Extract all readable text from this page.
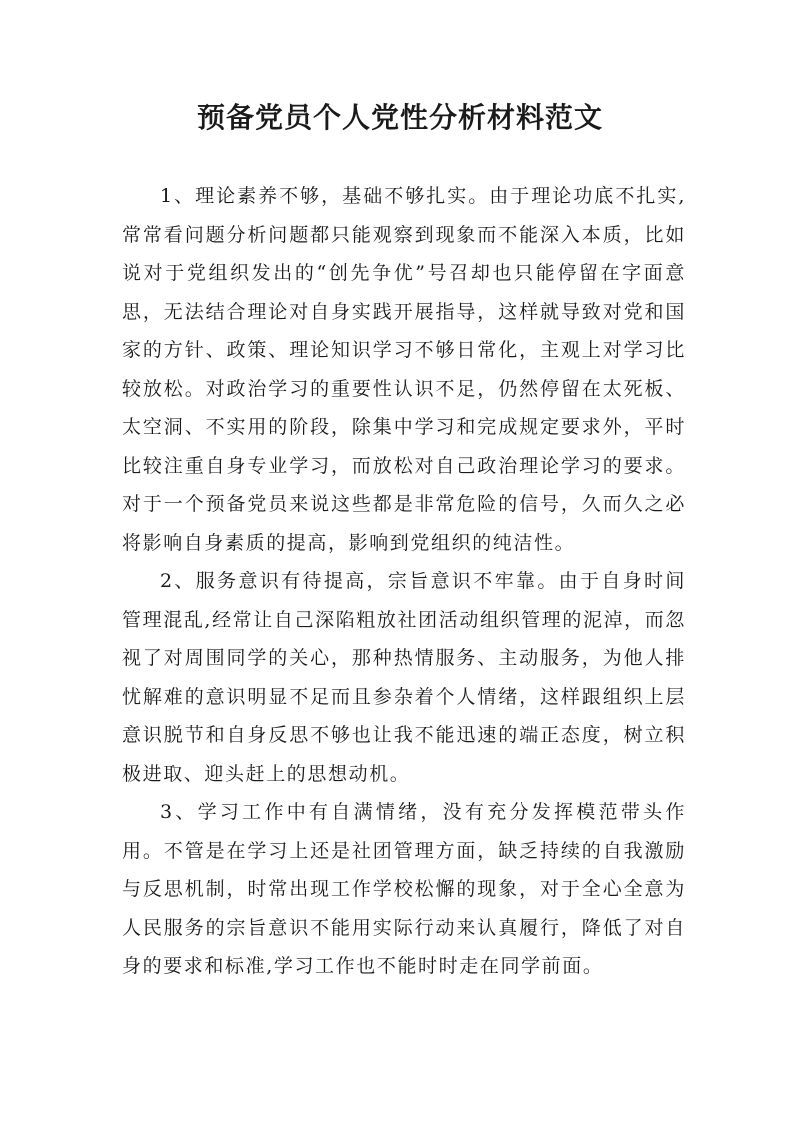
预备党员个人党性分析材料范文

1、理论素养不够，基础不够扎实。由于理论功底不扎实,常常看问题分析问题都只能观察到现象而不能深入本质，比如说对于党组织发出的“创先争优”号召却也只能停留在字面意思，无法结合理论对自身实践开展指导，这样就导致对党和国家的方针、政策、理论知识学习不够日常化，主观上对学习比较放松。对政治学习的重要性认识不足，仍然停留在太死板、太空洞、不实用的阶段，除集中学习和完成规定要求外，平时比较注重自身专业学习，而放松对自己政治理论学习的要求。对于一个预备党员来说这些都是非常危险的信号，久而久之必将影响自身素质的提高，影响到党组织的纯洁性。

2、服务意识有待提高，宗旨意识不牢靠。由于自身时间管理混乱,经常让自己深陷粗放社团活动组织管理的泥淖，而忽视了对周围同学的关心，那种热情服务、主动服务，为他人排忧解难的意识明显不足而且参杂着个人情绪，这样跟组织上层意识脱节和自身反思不够也让我不能迅速的端正态度，树立积极进取、迎头赶上的思想动机。

3、学习工作中有自满情绪，没有充分发挥模范带头作用。不管是在学习上还是社团管理方面，缺乏持续的自我激励与反思机制，时常出现工作学校松懈的现象，对于全心全意为人民服务的宗旨意识不能用实际行动来认真履行，降低了对自身的要求和标准,学习工作也不能时时走在同学前面。
